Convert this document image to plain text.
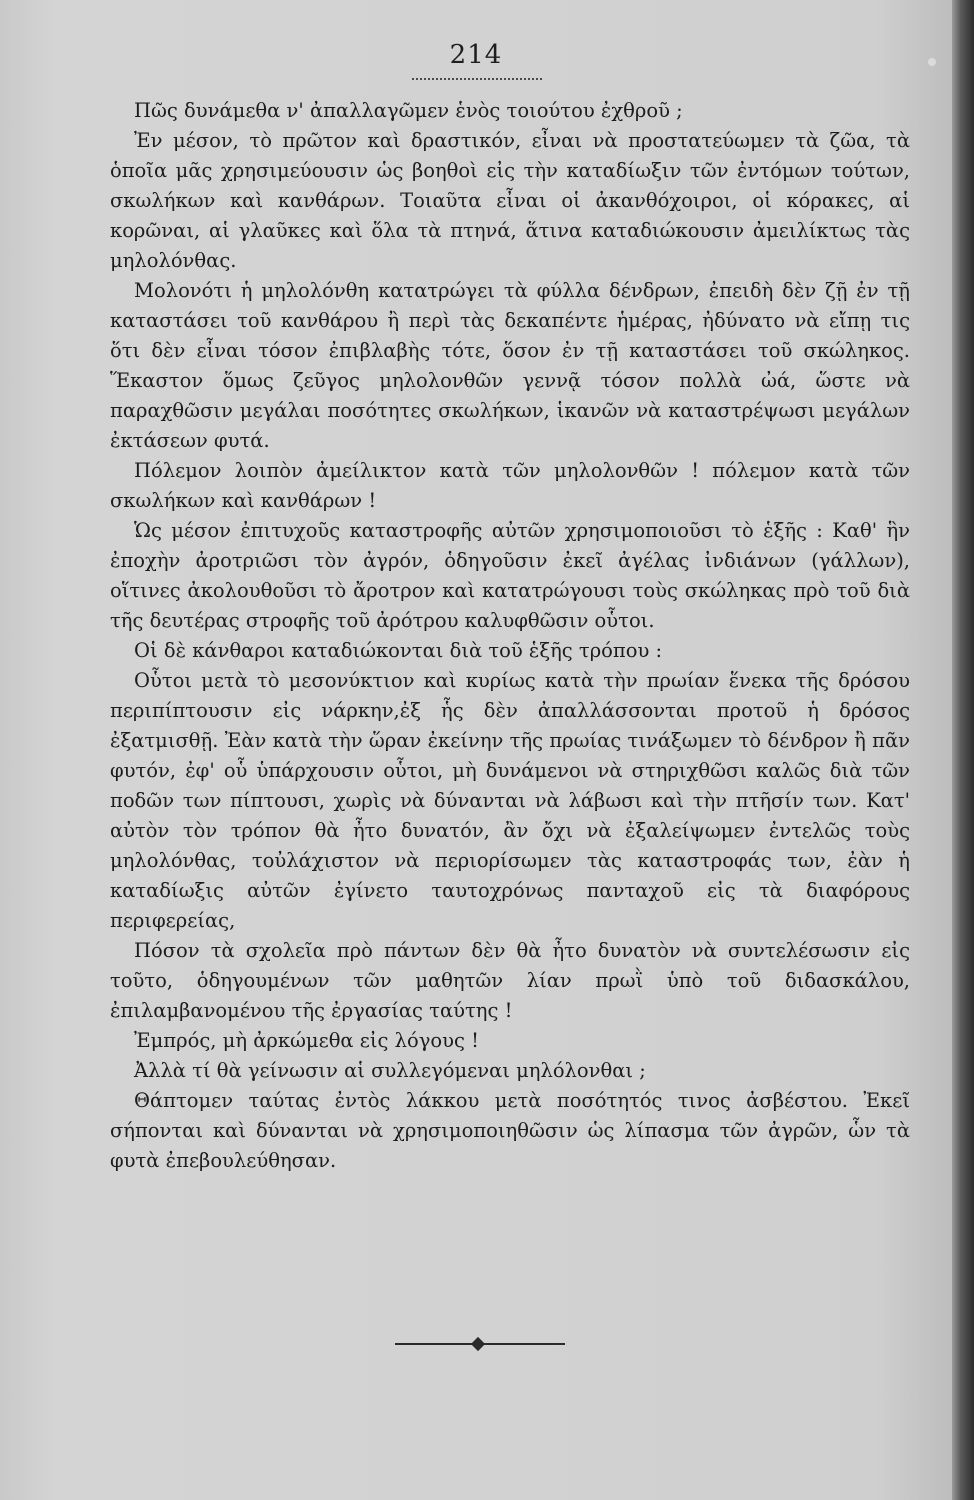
214

Πῶς δυνάμεθα ν' ἀπαλλαγῶμεν ἑνὸς τοιούτου ἐχθροῦ ;

Ἐν μέσον, τὸ πρῶτον καὶ δραστικόν, εἶναι νὰ προστατεύωμεν τὰ ζῶα, τὰ ὁποῖα μᾶς χρησιμεύουσιν ὡς βοηθοὶ εἰς τὴν καταδίωξιν τῶν ἐντόμων τούτων, σκωλήκων καὶ κανθάρων. Τοιαῦτα εἶναι οἱ ἀκανθόχοιροι, οἱ κόρακες, αἱ κορῶναι, αἱ γλαῦκες καὶ ὅλα τὰ πτηνά, ἅτινα καταδιώκουσιν ἀμειλίκτως τὰς μηλολόνθας.

Μολονότι ἡ μηλολόνθη κατατρώγει τὰ φύλλα δένδρων, ἐπειδὴ δὲν ζῇ ἐν τῇ καταστάσει τοῦ κανθάρου ἢ περὶ τὰς δεκαπέντε ἡμέρας, ἠδύνατο νὰ εἴπῃ τις ὅτι δὲν εἶναι τόσον ἐπιβλαβὴς τότε, ὅσον ἐν τῇ καταστάσει τοῦ σκώληκος. Ἕκαστον ὅμως ζεῦγος μηλολονθῶν γεννᾷ τόσον πολλὰ ὠά, ὥστε νὰ παραχθῶσιν μεγάλαι ποσότητες σκωλήκων, ἱκανῶν νὰ καταστρέψωσι μεγάλων ἐκτάσεων φυτά.

Πόλεμον λοιπὸν ἀμείλικτον κατὰ τῶν μηλολονθῶν ! πόλεμον κατὰ τῶν σκωλήκων καὶ κανθάρων !

Ὡς μέσον ἐπιτυχοῦς καταστροφῆς αὐτῶν χρησιμοποιοῦσι τὸ ἑξῆς : Καθ' ἣν ἐποχὴν ἀροτριῶσι τὸν ἀγρόν, ὁδηγοῦσιν ἐκεῖ ἀγέλας ἰνδιάνων (γάλλων), οἵτινες ἀκολουθοῦσι τὸ ἄροτρον καὶ κατατρώγουσι τοὺς σκώληκας πρὸ τοῦ διὰ τῆς δευτέρας στροφῆς τοῦ ἀρότρου καλυφθῶσιν οὗτοι.

Οἱ δὲ κάνθαροι καταδιώκονται διὰ τοῦ ἑξῆς τρόπου :

Οὗτοι μετὰ τὸ μεσονύκτιον καὶ κυρίως κατὰ τὴν πρωίαν ἕνεκα τῆς δρόσου περιπίπτουσιν εἰς νάρκην,ἐξ ἧς δὲν ἀπαλλάσσονται πρoτοῦ ἡ δρόσος ἐξατμισθῇ. Ἐὰν κατὰ τὴν ὥραν ἐκείνην τῆς πρωίας τινάξωμεν τὸ δένδρον ἢ πᾶν φυτόν, ἐφ' οὗ ὑπάρχουσιν οὗτοι, μὴ δυνάμενοι νὰ στηριχθῶσι καλῶς διὰ τῶν ποδῶν των πίπτουσι, χωρὶς νὰ δύνανται νὰ λάβωσι καὶ τὴν πτῆσίν των. Κατ' αὐτὸν τὸν τρόπον θὰ ἦτο δυνατόν, ἂν ὄχι νὰ ἐξαλείψωμεν ἐντελῶς τοὺς μηλολόνθας, τοὐλάχιστον νὰ περιορίσωμεν τὰς καταστροφάς των, ἐὰν ἡ καταδίωξις αὐτῶν ἐγίνετο ταυτοχρόνως πανταχοῦ εἰς τὰ διαφόρους περιφερείας,

Πόσον τὰ σχολεῖα πρὸ πάντων δὲν θὰ ἦτο δυνατὸν νὰ συντελέσωσιν εἰς τοῦτο, ὁδηγουμένων τῶν μαθητῶν λίαν πρωῒ ὑπὸ τοῦ διδασκάλου, ἐπιλαμβανομένου τῆς ἐργασίας ταύτης !

Ἐμπρός, μὴ ἀρκώμεθα εἰς λόγους !

Ἀλλὰ τί θὰ γείνωσιν αἱ συλλεγόμεναι μηλόλονθαι ;

Θάπτομεν ταύτας ἐντὸς λάκκου μετὰ ποσότητός τινος ἀσβέστου. Ἐκεῖ σήπονται καὶ δύνανται νὰ χρησιμοποιηθῶσιν ὡς λίπασμα τῶν ἀγρῶν, ὧν τὰ φυτὰ ἐπεβουλεύθησαν.
